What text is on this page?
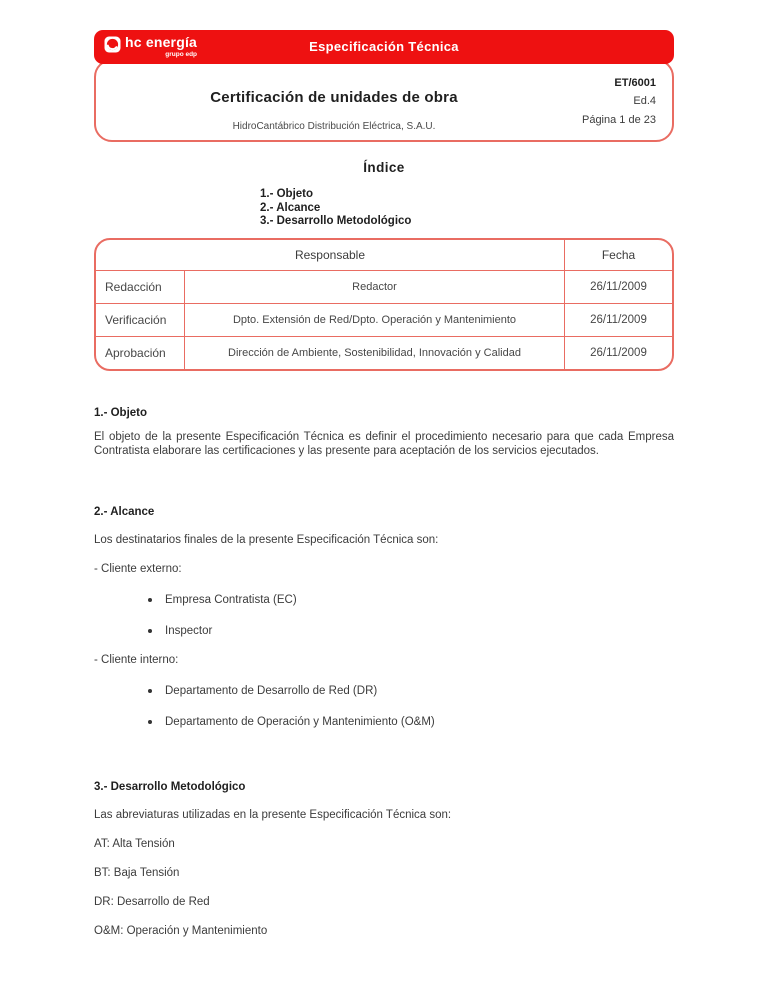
hc energía
grupo edp
Especificación Técnica
Certificación de unidades de obra
HidroCantábrico Distribución Eléctrica, S.A.U.
ET/6001
Ed.4
Página 1 de 23
Índice
1.- Objeto
2.- Alcance
3.- Desarrollo Metodológico
Responsable	Fecha
Redacción	Redactor	26/11/2009
Verificación	Dpto. Extensión de Red/Dpto. Operación y Mantenimiento	26/11/2009
Aprobación	Dirección de Ambiente, Sostenibilidad, Innovación y Calidad	26/11/2009
1.- Objeto
El objeto de la presente Especificación Técnica es definir el procedimiento necesario para que cada Empresa Contratista elaborare las certificaciones y las presente para aceptación de los servicios ejecutados.
2.- Alcance
Los destinatarios finales de la presente Especificación Técnica son:
- Cliente externo:
Empresa Contratista (EC)
Inspector
- Cliente interno:
Departamento de Desarrollo de Red (DR)
Departamento de Operación y Mantenimiento (O&M)
3.- Desarrollo Metodológico
Las abreviaturas utilizadas en la presente Especificación Técnica son:
AT: Alta Tensión
BT: Baja Tensión
DR: Desarrollo de Red
O&M: Operación y Mantenimiento
